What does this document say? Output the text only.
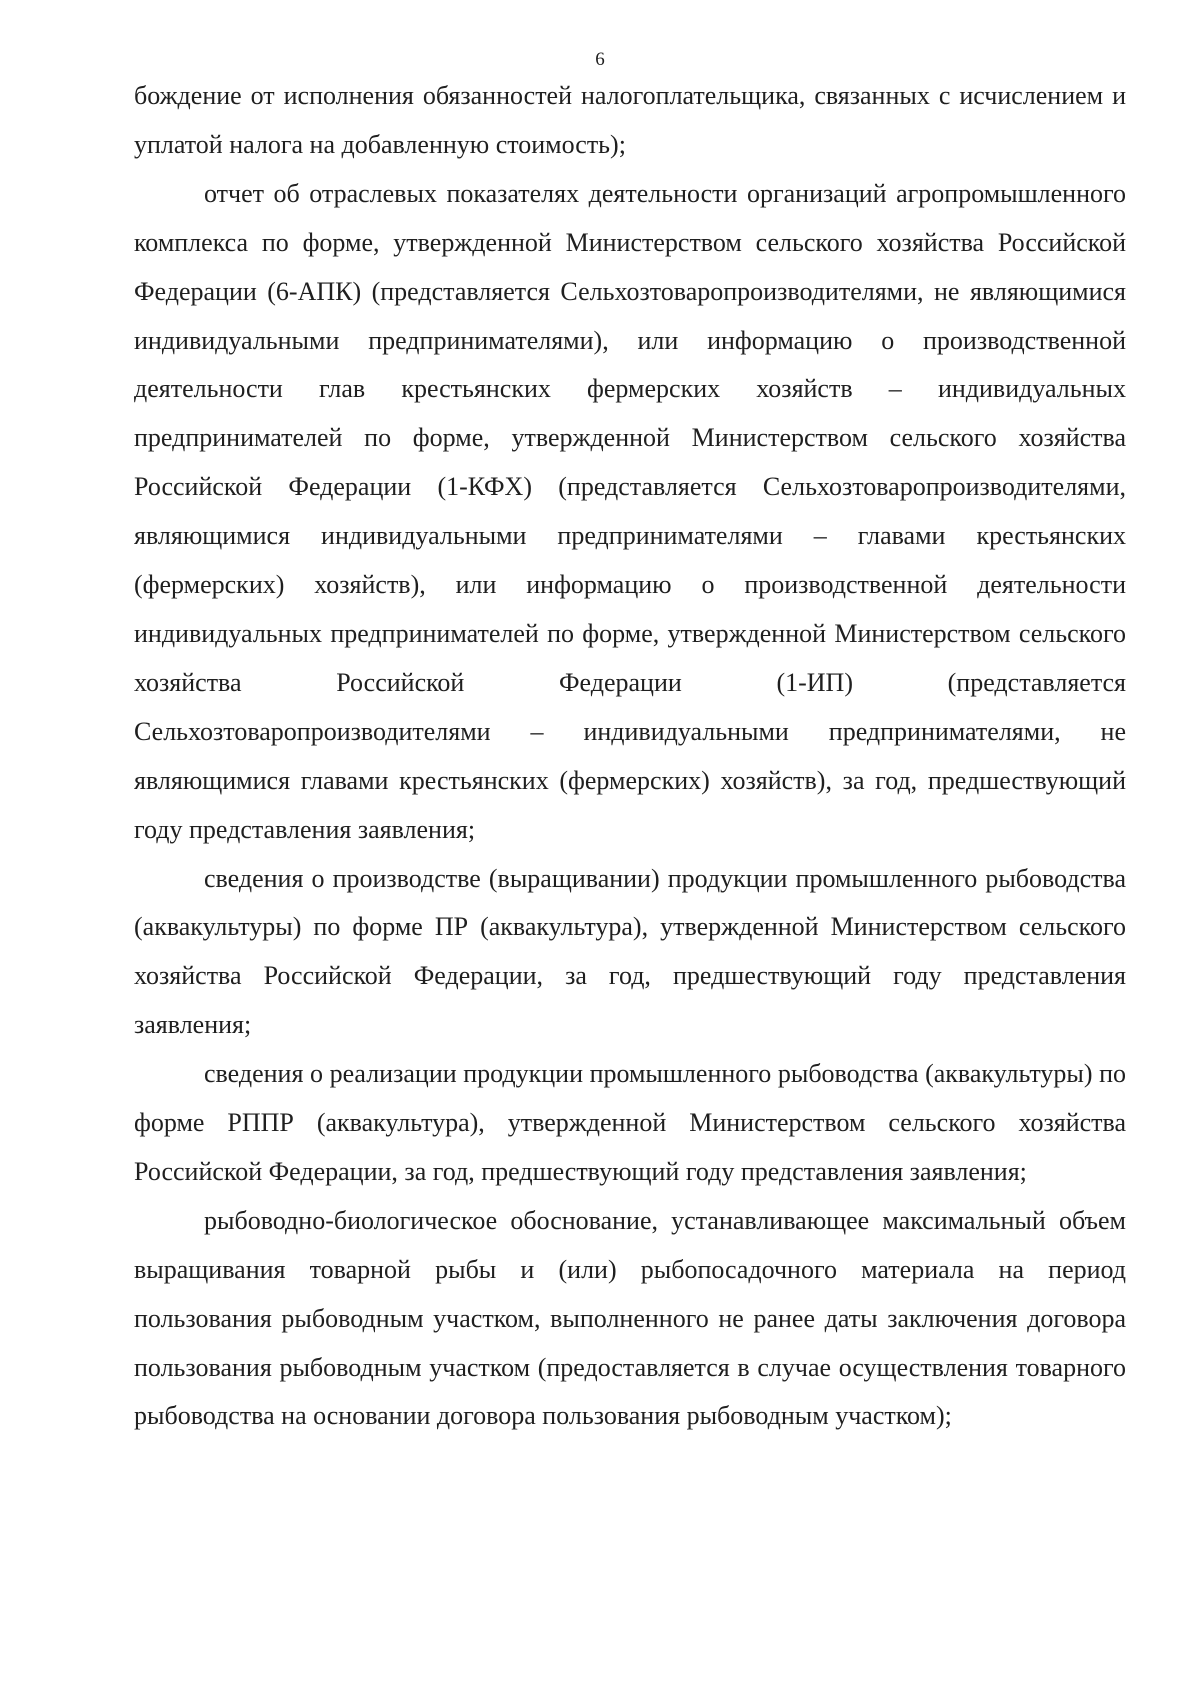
6

бождение от исполнения обязанностей налогоплательщика, связанных с исчислением и уплатой налога на добавленную стоимость);

отчет об отраслевых показателях деятельности организаций агропромышленного комплекса по форме, утвержденной Министерством сельского хозяйства Российской Федерации (6-АПК) (представляется Сельхозтоваропроизводителями, не являющимися индивидуальными предпринимателями), или информацию о производственной деятельности глав крестьянских фермерских хозяйств – индивидуальных предпринимателей по форме, утвержденной Министерством сельского хозяйства Российской Федерации (1-КФХ) (представляется Сельхозтоваропроизводителями, являющимися индивидуальными предпринимателями – главами крестьянских (фермерских) хозяйств), или информацию о производственной деятельности индивидуальных предпринимателей по форме, утвержденной Министерством сельского хозяйства Российской Федерации (1-ИП) (представляется Сельхозтоваропроизводителями – индивидуальными предпринимателями, не являющимися главами крестьянских (фермерских) хозяйств), за год, предшествующий году представления заявления;

сведения о производстве (выращивании) продукции промышленного рыбоводства (аквакультуры) по форме ПР (аквакультура), утвержденной Министерством сельского хозяйства Российской Федерации, за год, предшествующий году представления заявления;

сведения о реализации продукции промышленного рыбоводства (аквакультуры) по форме РППР (аквакультура), утвержденной Министерством сельского хозяйства Российской Федерации, за год, предшествующий году представления заявления;

рыбоводно-биологическое обоснование, устанавливающее максимальный объем выращивания товарной рыбы и (или) рыбопосадочного материала на период пользования рыбоводным участком, выполненного не ранее даты заключения договора пользования рыбоводным участком (предоставляется в случае осуществления товарного рыбоводства на основании договора пользования рыбоводным участком);
